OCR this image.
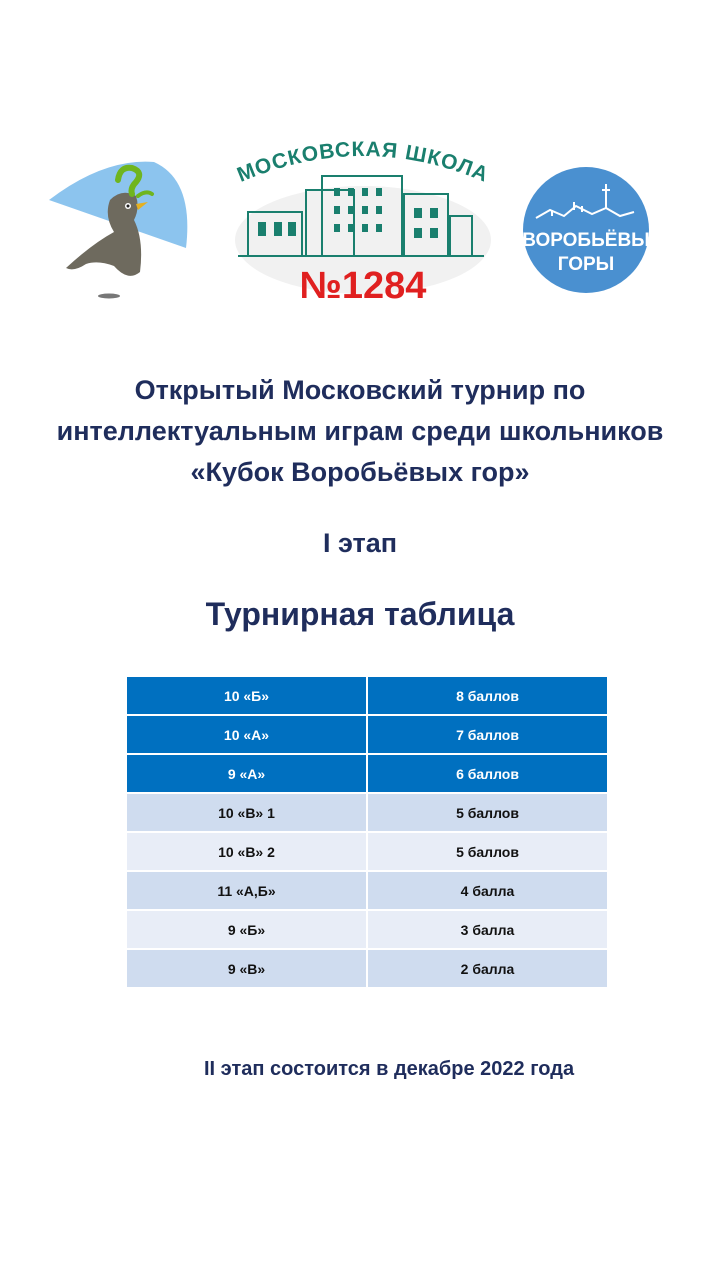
МОСКОВСКАЯ ШКОЛА
№1284
ВОРОБЬЁВЫ
ГОРЫ
Открытый Московский турнир по
интеллектуальным играм среди школьников
«Кубок Воробьёвых гор»
I этап
Турнирная таблица
10 «Б»	8 баллов
10 «А»	7 баллов
9 «А»	6 баллов
10 «В» 1	5 баллов
10 «В» 2	5 баллов
11 «А,Б»	4 балла
9 «Б»	3 балла
9 «В»	2 балла
II этап состоится в декабре 2022 года
